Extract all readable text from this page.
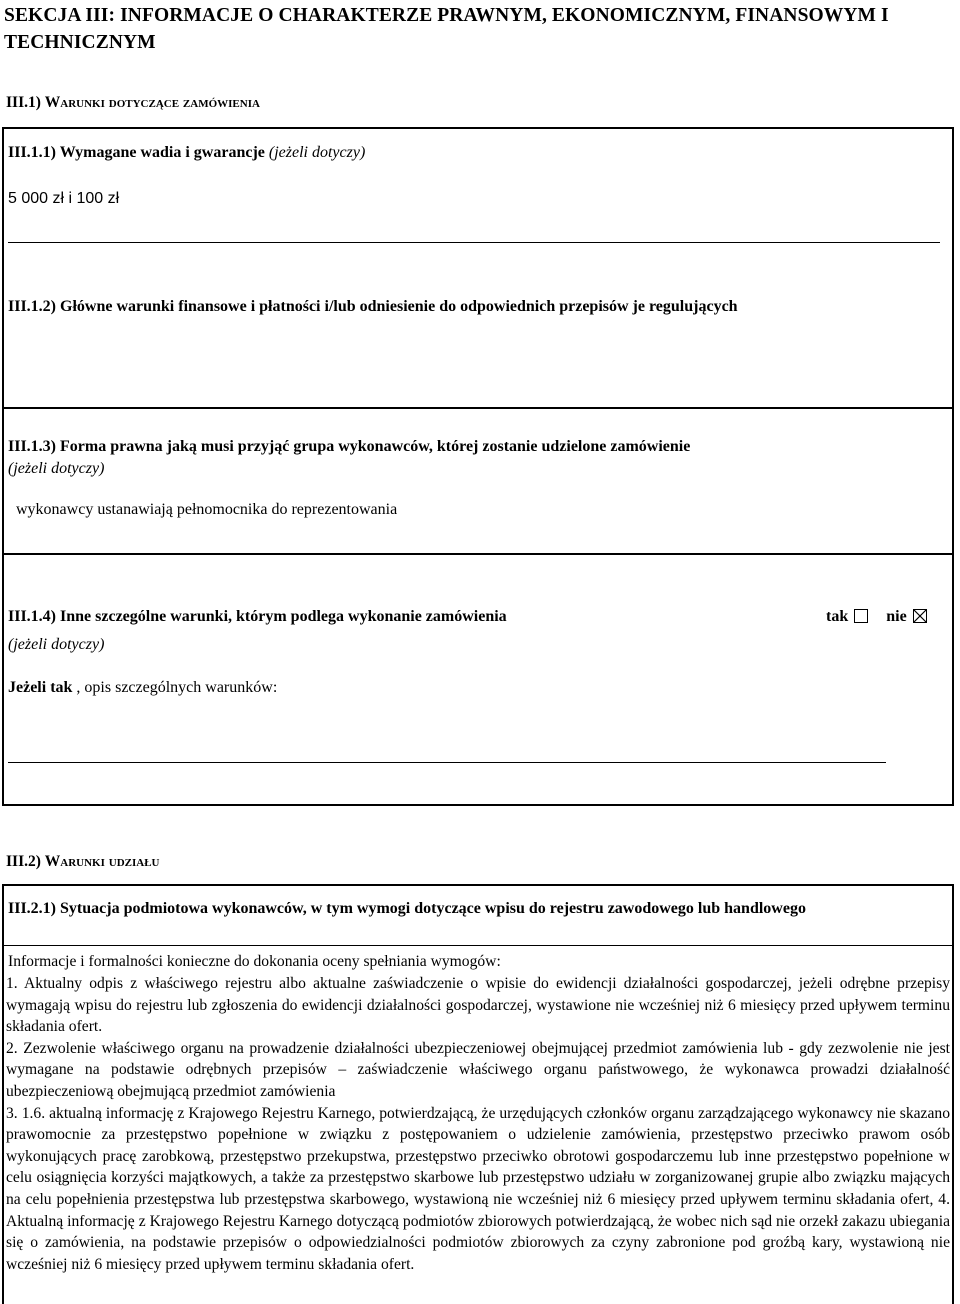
SEKCJA III: INFORMACJE O CHARAKTERZE PRAWNYM, EKONOMICZNYM, FINANSOWYM I TECHNICZNYM
III.1) Warunki dotyczące zamówienia
III.1.1) Wymagane wadia i gwarancje (jeżeli dotyczy)
5 000 zł i 100 zł
III.1.2) Główne warunki finansowe i płatności i/lub odniesienie do odpowiednich przepisów je regulujących
III.1.3) Forma prawna jaką musi przyjąć grupa wykonawców, której zostanie udzielone zamówienie
(jeżeli dotyczy)
wykonawcy ustanawiają pełnomocnika do reprezentowania
III.1.4) Inne szczególne warunki, którym podlega wykonanie zamówienia	tak nie
(jeżeli dotyczy)
Jeżeli tak , opis szczególnych warunków:
III.2) Warunki udziału
III.2.1) Sytuacja podmiotowa wykonawców, w tym wymogi dotyczące wpisu do rejestru zawodowego lub handlowego
Informacje i formalności konieczne do dokonania oceny spełniania wymogów:

1. Aktualny odpis z właściwego rejestru albo aktualne zaświadczenie o wpisie do ewidencji działalności gospodarczej, jeżeli odrębne przepisy wymagają wpisu do rejestru lub zgłoszenia do ewidencji działalności gospodarczej, wystawione nie wcześniej niż 6 miesięcy przed upływem terminu składania ofert.

2. Zezwolenie właściwego organu na prowadzenie działalności ubezpieczeniowej obejmującej przedmiot zamówienia lub - gdy zezwolenie nie jest wymagane na podstawie odrębnych przepisów – zaświadczenie właściwego organu państwowego, że wykonawca prowadzi działalność ubezpieczeniową obejmującą przedmiot zamówienia

3. 1.6. aktualną informację z Krajowego Rejestru Karnego, potwierdzającą, że urzędujących członków organu zarządzającego wykonawcy nie skazano prawomocnie za przestępstwo popełnione w związku z postępowaniem o udzielenie zamówienia, przestępstwo przeciwko prawom osób wykonujących pracę zarobkową, przestępstwo przekupstwa, przestępstwo przeciwko obrotowi gospodarczemu lub inne przestępstwo popełnione w celu osiągnięcia korzyści majątkowych, a także za przestępstwo skarbowe lub przestępstwo udziału w zorganizowanej grupie albo związku mających na celu popełnienia przestępstwa lub przestępstwa skarbowego, wystawioną nie wcześniej niż 6 miesięcy przed upływem terminu składania ofert, 4. Aktualną informację z Krajowego Rejestru Karnego dotyczącą podmiotów zbiorowych potwierdzającą, że wobec nich sąd nie orzekł zakazu ubiegania się o zamówienia, na podstawie przepisów o odpowiedzialności podmiotów zbiorowych za czyny zabronione pod groźbą kary, wystawioną nie wcześniej niż 6 miesięcy przed upływem terminu składania ofert.
